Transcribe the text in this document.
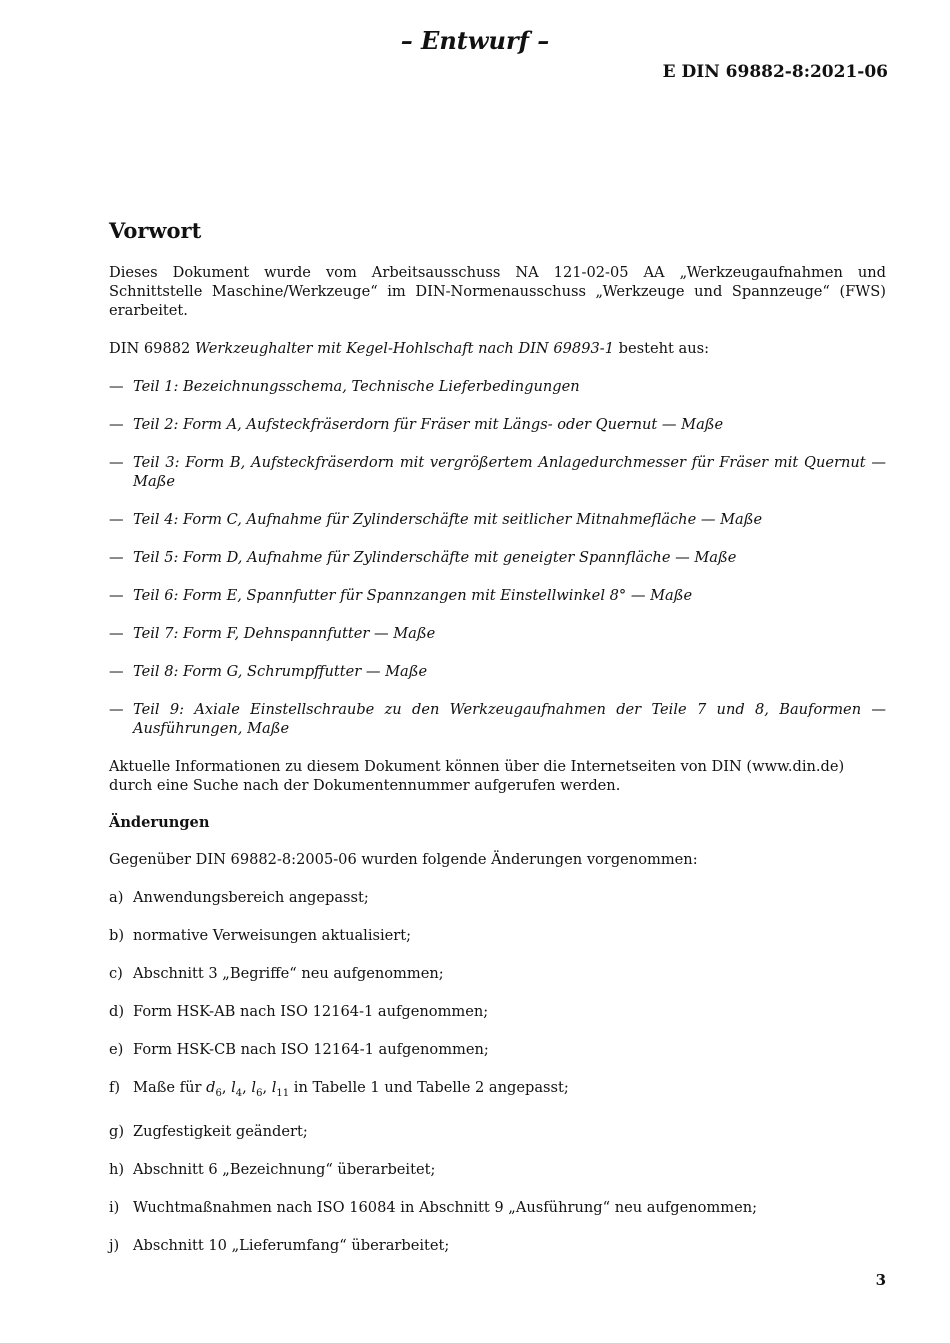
– Entwurf –
E DIN 69882-8:2021-06
Vorwort
Dieses Dokument wurde vom Arbeitsausschuss NA 121-02-05 AA „Werkzeugaufnahmen und Schnittstelle Maschine/Werkzeuge“ im DIN-Normenausschuss „Werkzeuge und Spannzeuge“ (FWS) erarbeitet.
DIN 69882 Werkzeughalter mit Kegel-Hohlschaft nach DIN 69893-1 besteht aus:
— Teil 1: Bezeichnungsschema, Technische Lieferbedingungen
— Teil 2: Form A, Aufsteckfräserdorn für Fräser mit Längs- oder Quernut — Maße
— Teil 3: Form B, Aufsteckfräserdorn mit vergrößertem Anlagedurchmesser für Fräser mit Quernut — Maße
— Teil 4: Form C, Aufnahme für Zylinderschäfte mit seitlicher Mitnahmefläche — Maße
— Teil 5: Form D, Aufnahme für Zylinderschäfte mit geneigter Spannfläche — Maße
— Teil 6: Form E, Spannfutter für Spannzangen mit Einstellwinkel 8° — Maße
— Teil 7: Form F, Dehnspannfutter — Maße
— Teil 8: Form G, Schrumpffutter — Maße
— Teil 9: Axiale Einstellschraube zu den Werkzeugaufnahmen der Teile 7 und 8, Bauformen — Ausführungen, Maße
Aktuelle Informationen zu diesem Dokument können über die Internetseiten von DIN (www.din.de) durch eine Suche nach der Dokumentennummer aufgerufen werden.
Änderungen
Gegenüber DIN 69882-8:2005-06 wurden folgende Änderungen vorgenommen:
a) Anwendungsbereich angepasst;
b) normative Verweisungen aktualisiert;
c) Abschnitt 3 „Begriffe“ neu aufgenommen;
d) Form HSK-AB nach ISO 12164-1 aufgenommen;
e) Form HSK-CB nach ISO 12164-1 aufgenommen;
f) Maße für $d_6$, $l_4$, $l_6$, $l_{11}$ in Tabelle 1 und Tabelle 2 angepasst;
g) Zugfestigkeit geändert;
h) Abschnitt 6 „Bezeichnung“ überarbeitet;
i) Wuchtmaßnahmen nach ISO 16084 in Abschnitt 9 „Ausführung“ neu aufgenommen;
j) Abschnitt 10 „Lieferumfang“ überarbeitet;
3
